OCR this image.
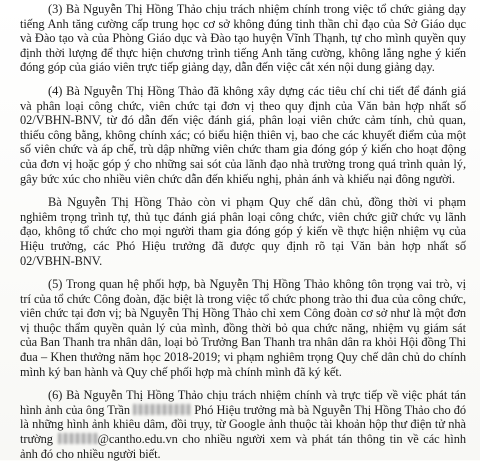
(3) Bà Nguyễn Thị Hồng Thảo chịu trách nhiệm chính trong việc tổ chức giảng dạy tiếng Anh tăng cường cấp trung học cơ sở không đúng tinh thần chỉ đạo của Sở Giáo dục và Đào tạo và của Phòng Giáo dục và Đào tạo huyện Vĩnh Thạnh, tự cho mình quyền quy định thời lượng để thực hiện chương trình tiếng Anh tăng cường, không lắng nghe ý kiến đóng góp của giáo viên trực tiếp giảng dạy, dẫn đến việc cắt xén nội dung giảng dạy.

(4) Bà Nguyễn Thị Hồng Thảo đã không xây dựng các tiêu chí chi tiết để đánh giá và phân loại công chức, viên chức tại đơn vị theo quy định của Văn bản hợp nhất số 02/VBHN-BNV, từ đó dẫn đến việc đánh giá, phân loại viên chức cảm tính, chủ quan, thiếu công bằng, không chính xác; có biểu hiện thiên vị, bao che các khuyết điểm của một số viên chức và áp chế, trù dập những viên chức tham gia đóng góp ý kiến cho hoạt động của đơn vị hoặc góp ý cho những sai sót của lãnh đạo nhà trường trong quá trình quản lý, gây bức xúc cho nhiều viên chức dẫn đến khiếu nghị, phản ánh và khiếu nại đông người.

Bà Nguyễn Thị Hồng Thảo còn vi phạm Quy chế dân chủ, đồng thời vi phạm nghiêm trọng trình tự, thủ tục đánh giá phân loại công chức, viên chức giữ chức vụ lãnh đạo, không tổ chức cho mọi người tham gia đóng góp ý kiến về thực hiện nhiệm vụ của Hiệu trưởng, các Phó Hiệu trưởng đã được quy định rõ tại Văn bản hợp nhất số 02/VBHN-BNV.

(5) Trong quan hệ phối hợp, bà Nguyễn Thị Hồng Thảo không tôn trọng vai trò, vị trí của tổ chức Công đoàn, đặc biệt là trong việc tổ chức phong trào thi đua của công chức, viên chức tại đơn vị; bà Nguyễn Thị Hồng Thảo chỉ xem Công đoàn cơ sở như là một đơn vị thuộc thẩm quyền quản lý của mình, đồng thời bỏ qua chức năng, nhiệm vụ giám sát của Ban Thanh tra nhân dân, loại bỏ Trưởng Ban Thanh tra nhân dân ra khỏi Hội đồng Thi đua – Khen thưởng năm học 2018-2019; vi phạm nghiêm trọng Quy chế dân chủ do chính mình ký ban hành và Quy chế phối hợp mà chính mình đã ký kết.

(6) Bà Nguyễn Thị Hồng Thảo chịu trách nhiệm chính và trực tiếp về việc phát tán hình ảnh của ông Trần	Phó Hiệu trưởng mà bà Nguyễn Thị Hồng Thảo cho đó là những hình ảnh khiêu dâm, đồi trụy, từ Google ảnh thuộc tài khoản hộp thư điện tử nhà trường	@cantho.edu.vn cho nhiều người xem và phát tán thông tin về các hình ảnh đó cho nhiều người biết.
